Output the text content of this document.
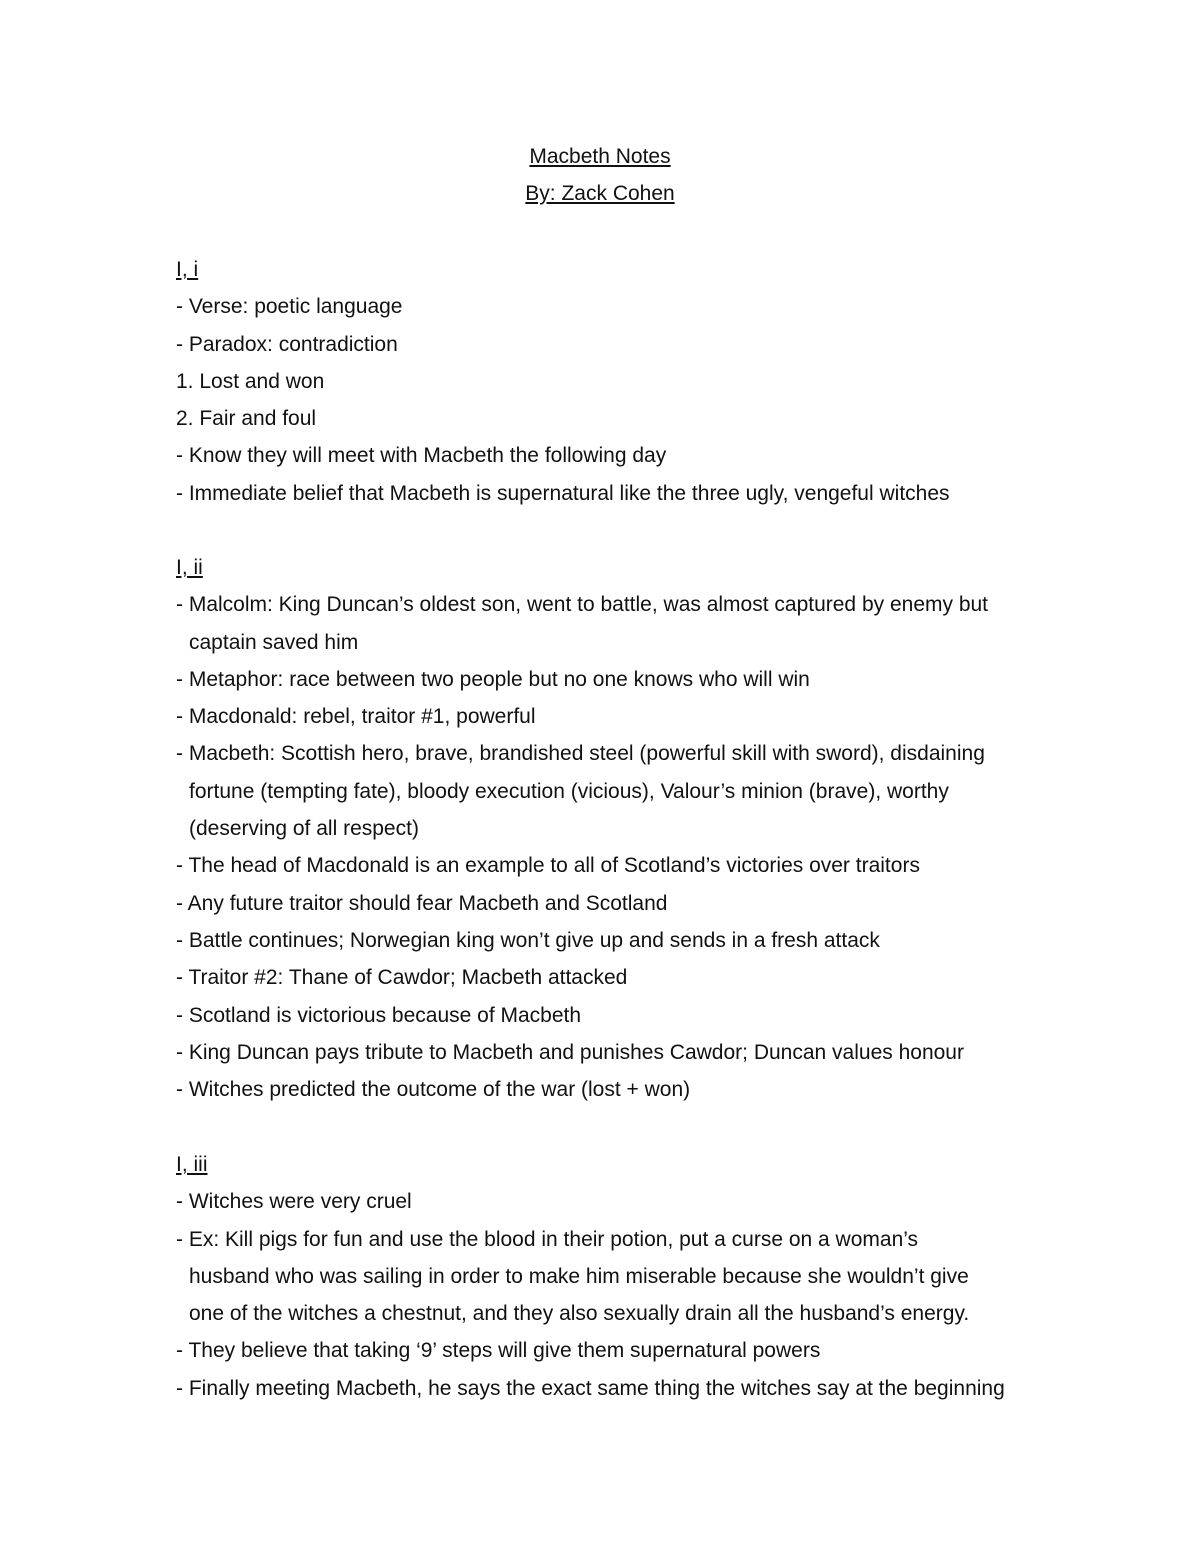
Macbeth Notes
By: Zack Cohen
I, i
- Verse: poetic language
- Paradox: contradiction
1. Lost and won
2. Fair and foul
- Know they will meet with Macbeth the following day
- Immediate belief that Macbeth is supernatural like the three ugly, vengeful witches
I, ii
- Malcolm: King Duncan’s oldest son, went to battle, was almost captured by enemy but
captain saved him
- Metaphor: race between two people but no one knows who will win
- Macdonald: rebel, traitor #1, powerful
- Macbeth: Scottish hero, brave, brandished steel (powerful skill with sword), disdaining
fortune (tempting fate), bloody execution (vicious), Valour’s minion (brave), worthy
(deserving of all respect)
- The head of Macdonald is an example to all of Scotland’s victories over traitors
- Any future traitor should fear Macbeth and Scotland
- Battle continues; Norwegian king won’t give up and sends in a fresh attack
- Traitor #2: Thane of Cawdor; Macbeth attacked
- Scotland is victorious because of Macbeth
- King Duncan pays tribute to Macbeth and punishes Cawdor; Duncan values honour
- Witches predicted the outcome of the war (lost + won)
I, iii
- Witches were very cruel
- Ex: Kill pigs for fun and use the blood in their potion, put a curse on a woman’s
husband who was sailing in order to make him miserable because she wouldn’t give
one of the witches a chestnut, and they also sexually drain all the husband’s energy.
- They believe that taking ‘9’ steps will give them supernatural powers
- Finally meeting Macbeth, he says the exact same thing the witches say at the beginning
